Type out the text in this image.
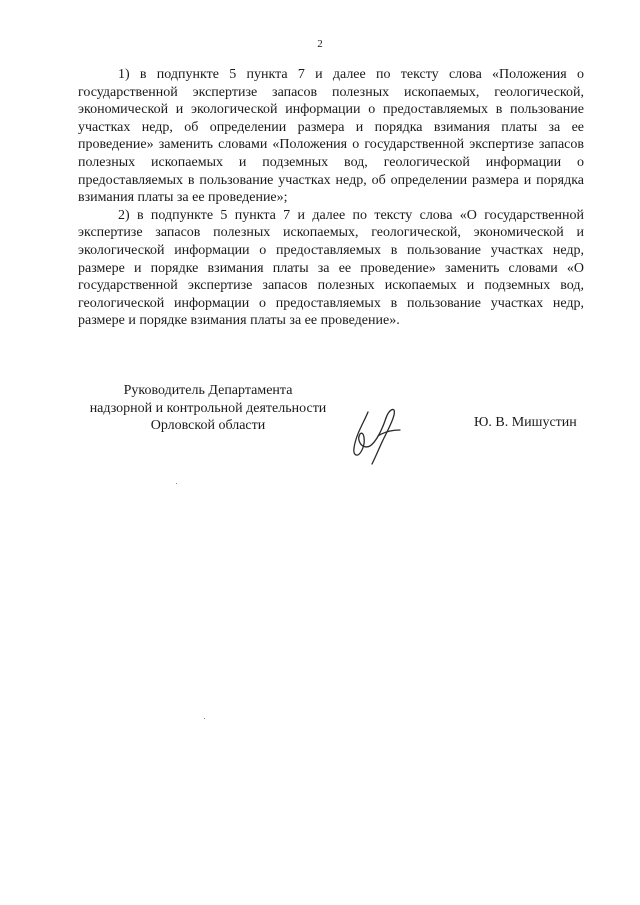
2

1) в подпункте 5 пункта 7 и далее по тексту слова «Положения о государственной экспертизе запасов полезных ископаемых, геологической, экономической и экологической информации о предоставляемых в пользование участках недр, об определении размера и порядка взимания платы за ее проведение» заменить словами «Положения о государственной экспертизе запасов полезных ископаемых и подземных вод, геологической информации о предоставляемых в пользование участках недр, об определении размера и порядка взимания платы за ее проведение»;

2) в подпункте 5 пункта 7 и далее по тексту слова «О государственной экспертизе запасов полезных ископаемых, геологической, экономической и экологической информации о предоставляемых в пользование участках недр, размере и порядке взимания платы за ее проведение» заменить словами «О государственной экспертизе запасов полезных ископаемых и подземных вод, геологической информации о предоставляемых в пользование участках недр, размере и порядке взимания платы за ее проведение».

Руководитель Департамента
надзорной и контрольной деятельности
Орловской области	Ю. В. Мишустин
